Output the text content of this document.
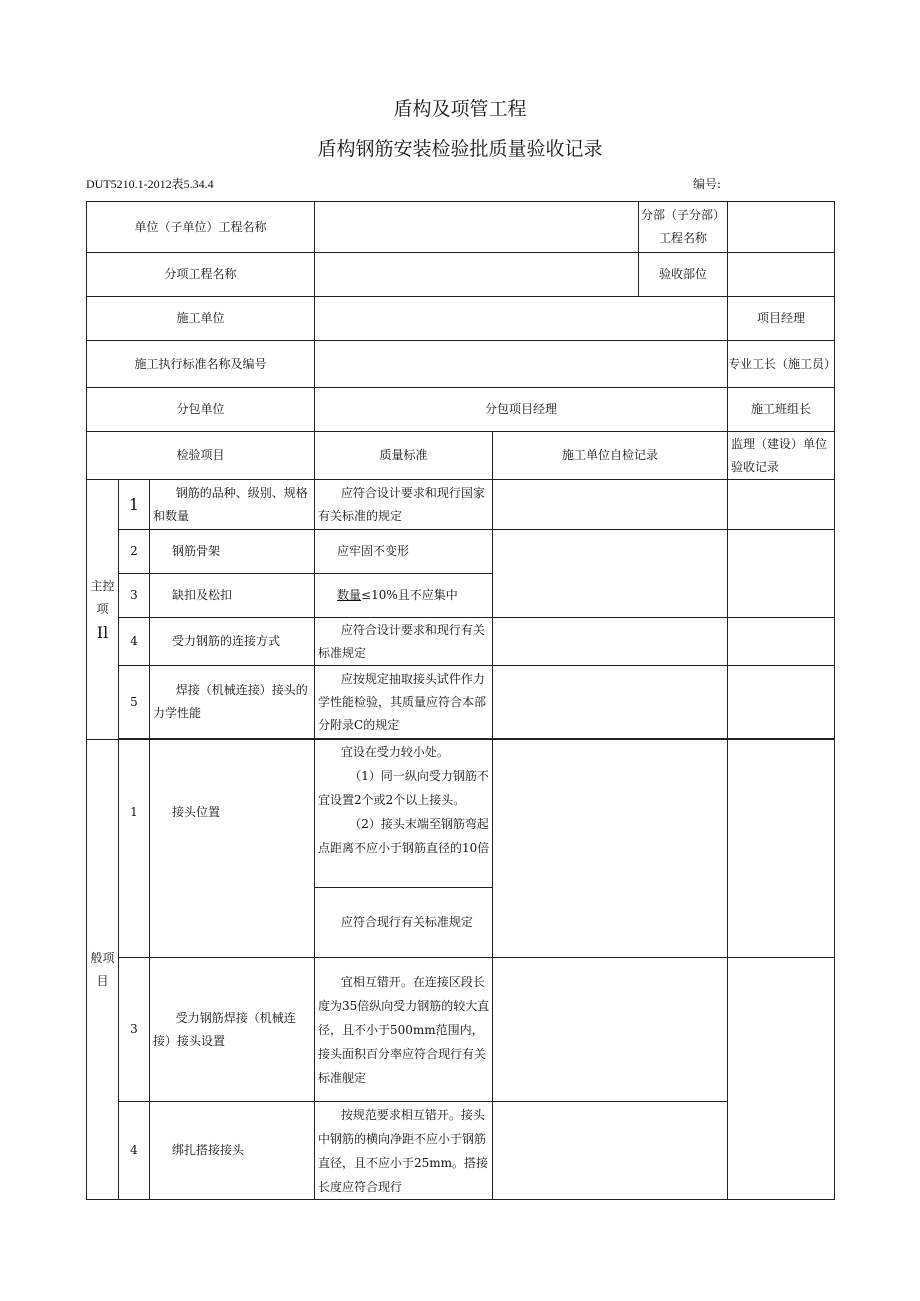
盾构及项管工程
盾构钢筋安装检验批质量验收记录
DUT5210.1-2012表5.34.4	编号:
单位（子单位）工程名称					分部（子分部）工程名称	
分项工程名称					验收部位	
施工单位						项目经理
施工执行标准名称及编号						专业工长（施工员）
分包单位			分包项目经理			施工班组长
检验项目			质量标准	施工单位自检记录		监理（建设）单位验收记录

主控项
Il	1	钢筋的品种、级别、规格和数量	应符合设计要求和现行国家有关标准的规定			
	2	钢筋骨架	应牢固不变形			
	3	缺扣及松扣	数量≤10%且不应集中			
	4	受力钢筋的连接方式	应符合设计要求和现行有关标准规定			
	5	焊接（机械连接）接头的力学性能	应按规定抽取接头试件作力学性能检验，其质量应符合本部分附录C的规定			

般项目	1	接头位置	宜设在受力较小处。
（1）同一纵向受力钢筋不宜设置2个或2个以上接头。
（2）接头末端至钢筋弯起点距离不应小于钢筋直径的10倍			

			应符合现行有关标准规定			
	3	受力钢筋焊接（机械连接）接头设置	宜相互错开。在连接区段长度为35倍纵向受力钢筋的较大直径，且不小于500mm范围内，接头面积百分率应符合现行有关标准舰定			
	4	绑扎搭接接头	按规范要求相互错开。接头中钢筋的横向净距不应小于钢筋直径，且不应小于25mm。搭接长度应符合现行			
